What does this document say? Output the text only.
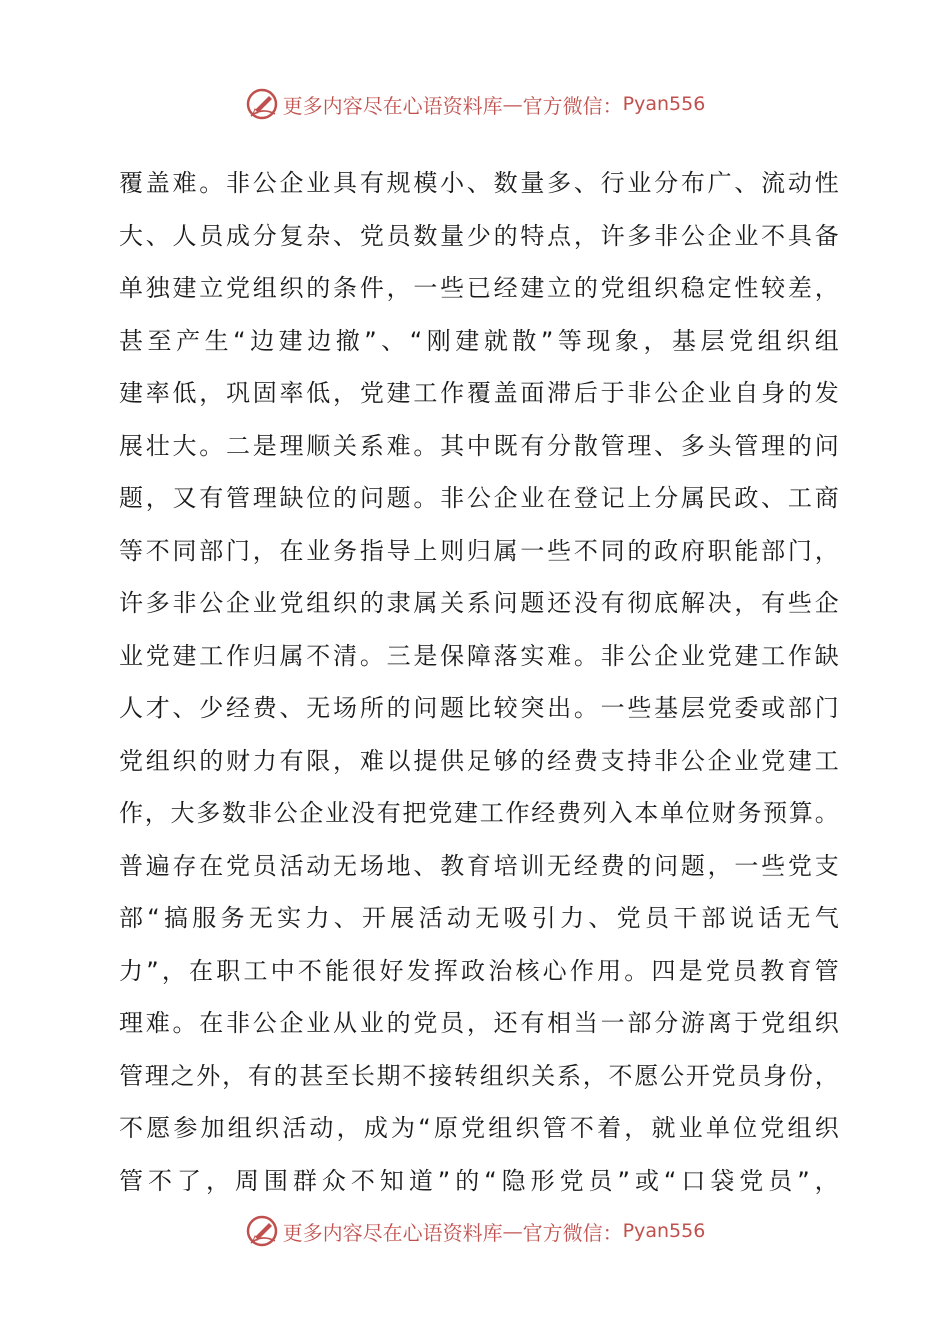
更多内容尽在心语资料库 — 官方微信： Pyan556
覆盖难。非公企业具有规模小、数量多、行业分布广、流动性
大、人员成分复杂、党员数量少的特点，许多非公企业不具备
单独建立党组织的条件，一些已经建立的党组织稳定性较差，
甚至产生“边建边撤”、“刚建就散”等现象，基层党组织组
建率低，巩固率低，党建工作覆盖面滞后于非公企业自身的发
展壮大。二是理顺关系难。其中既有分散管理、多头管理的问
题，又有管理缺位的问题。非公企业在登记上分属民政、工商
等不同部门，在业务指导上则归属一些不同的政府职能部门，
许多非公企业党组织的隶属关系问题还没有彻底解决，有些企
业党建工作归属不清。三是保障落实难。非公企业党建工作缺
人才、少经费、无场所的问题比较突出。一些基层党委或部门
党组织的财力有限，难以提供足够的经费支持非公企业党建工
作，大多数非公企业没有把党建工作经费列入本单位财务预算。
普遍存在党员活动无场地、教育培训无经费的问题，一些党支
部“搞服务无实力、开展活动无吸引力、党员干部说话无气
力”，在职工中不能很好发挥政治核心作用。四是党员教育管
理难。在非公企业从业的党员，还有相当一部分游离于党组织
管理之外，有的甚至长期不接转组织关系，不愿公开党员身份，
不愿参加组织活动，成为“原党组织管不着，就业单位党组织
管不了，周围群众不知道”的“隐形党员”或“口袋党员”，
更多内容尽在心语资料库 — 官方微信： Pyan556
